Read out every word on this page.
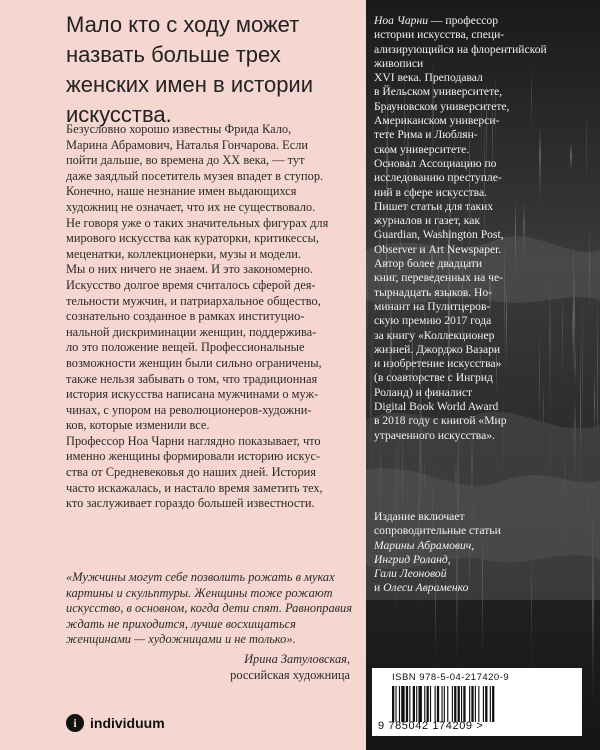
Мало кто с ходу может
назвать больше трех
женских имен в истории
искусства.
Безусловно хорошо известны Фрида Кало,
Марина Абрамович, Наталья Гончарова. Если
пойти дальше, во времена до XX века, — тут
даже заядлый посетитель музея впадет в ступор.
Конечно, наше незнание имен выдающихся
художниц не означает, что их не существовало.
Не говоря уже о таких значительных фигурах для
мирового искусства как кураторки, критикессы,
меценатки, коллекционерки, музы и модели.
Мы о них ничего не знаем. И это закономерно.
Искусство долгое время считалось сферой дея-
тельности мужчин, и патриархальное общество,
сознательно созданное в рамках институцио-
нальной дискриминации женщин, поддержива-
ло это положение вещей. Профессиональные
возможности женщин были сильно ограничены,
также нельзя забывать о том, что традиционная
история искусства написана мужчинами о муж-
чинах, с упором на революционеров-художни-
ков, которые изменили все.
Профессор Ноа Чарни наглядно показывает, что
именно женщины формировали историю искус-
ства от Средневековья до наших дней. История
часто искажалась, и настало время заметить тех,
кто заслуживает гораздо большей известности.

«Мужчины могут себе позволить рожать в муках
картины и скульптуры. Женщины тоже рожают
искусство, в основном, когда дети спят. Равноправия
ждать не приходится, лучше восхищаться
женщинами — художницами и не только».

Ирина Затуловская,
российская художница
i individuum
Ноа Чарни — профессор
истории искусства, специ-
ализирующийся на флорентийской живописи
XVI века. Преподавал
в Йельском университете,
Брауновском университете,
Американском универси-
тете Рима и Люблян-
ском университете.
Основал Ассоциацию по
исследованию преступле-
ний в сфере искусства.
Пишет статьи для таких
журналов и газет, как
Guardian, Washington Post,
Observer и Art Newspaper.
Автор более двадцати
книг, переведенных на че-
тырнадцать языков. Но-
минант на Пулитцеров-
скую премию 2017 года
за книгу «Коллекционер
жизней. Джорджо Вазари
и изобретение искусства»
(в соавторстве с Ингрид
Роланд) и финалист
Digital Book World Award
в 2018 году с книгой «Мир
утраченного искусства».
Издание включает
сопроводительные статьи
Марины Абрамович,
Ингрид Роланд,
Гали Леоновой
и Олеси Авраменко
ISBN 978-5-04-217420-9
9 785042 174209 >
